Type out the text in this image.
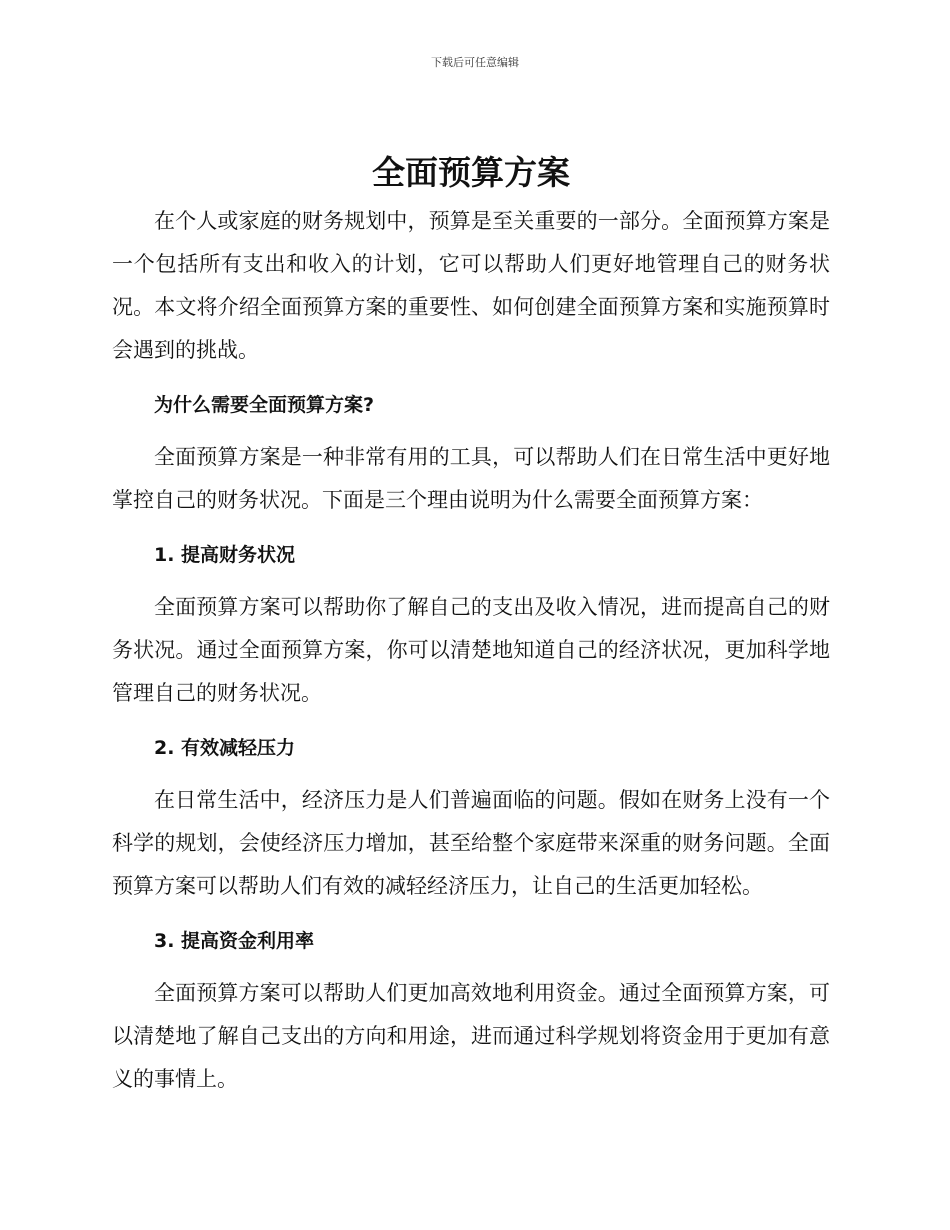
下载后可任意编辑
全面预算方案

在个人或家庭的财务规划中，预算是至关重要的一部分。全面预算方案是一个包括所有支出和收入的计划，它可以帮助人们更好地管理自己的财务状况。本文将介绍全面预算方案的重要性、如何创建全面预算方案和实施预算时会遇到的挑战。

为什么需要全面预算方案?

全面预算方案是一种非常有用的工具，可以帮助人们在日常生活中更好地掌控自己的财务状况。下面是三个理由说明为什么需要全面预算方案：

1. 提高财务状况

全面预算方案可以帮助你了解自己的支出及收入情况，进而提高自己的财务状况。通过全面预算方案，你可以清楚地知道自己的经济状况，更加科学地管理自己的财务状况。

2. 有效减轻压力

在日常生活中，经济压力是人们普遍面临的问题。假如在财务上没有一个科学的规划，会使经济压力增加，甚至给整个家庭带来深重的财务问题。全面预算方案可以帮助人们有效的减轻经济压力，让自己的生活更加轻松。

3. 提高资金利用率

全面预算方案可以帮助人们更加高效地利用资金。通过全面预算方案，可以清楚地了解自己支出的方向和用途，进而通过科学规划将资金用于更加有意义的事情上。
